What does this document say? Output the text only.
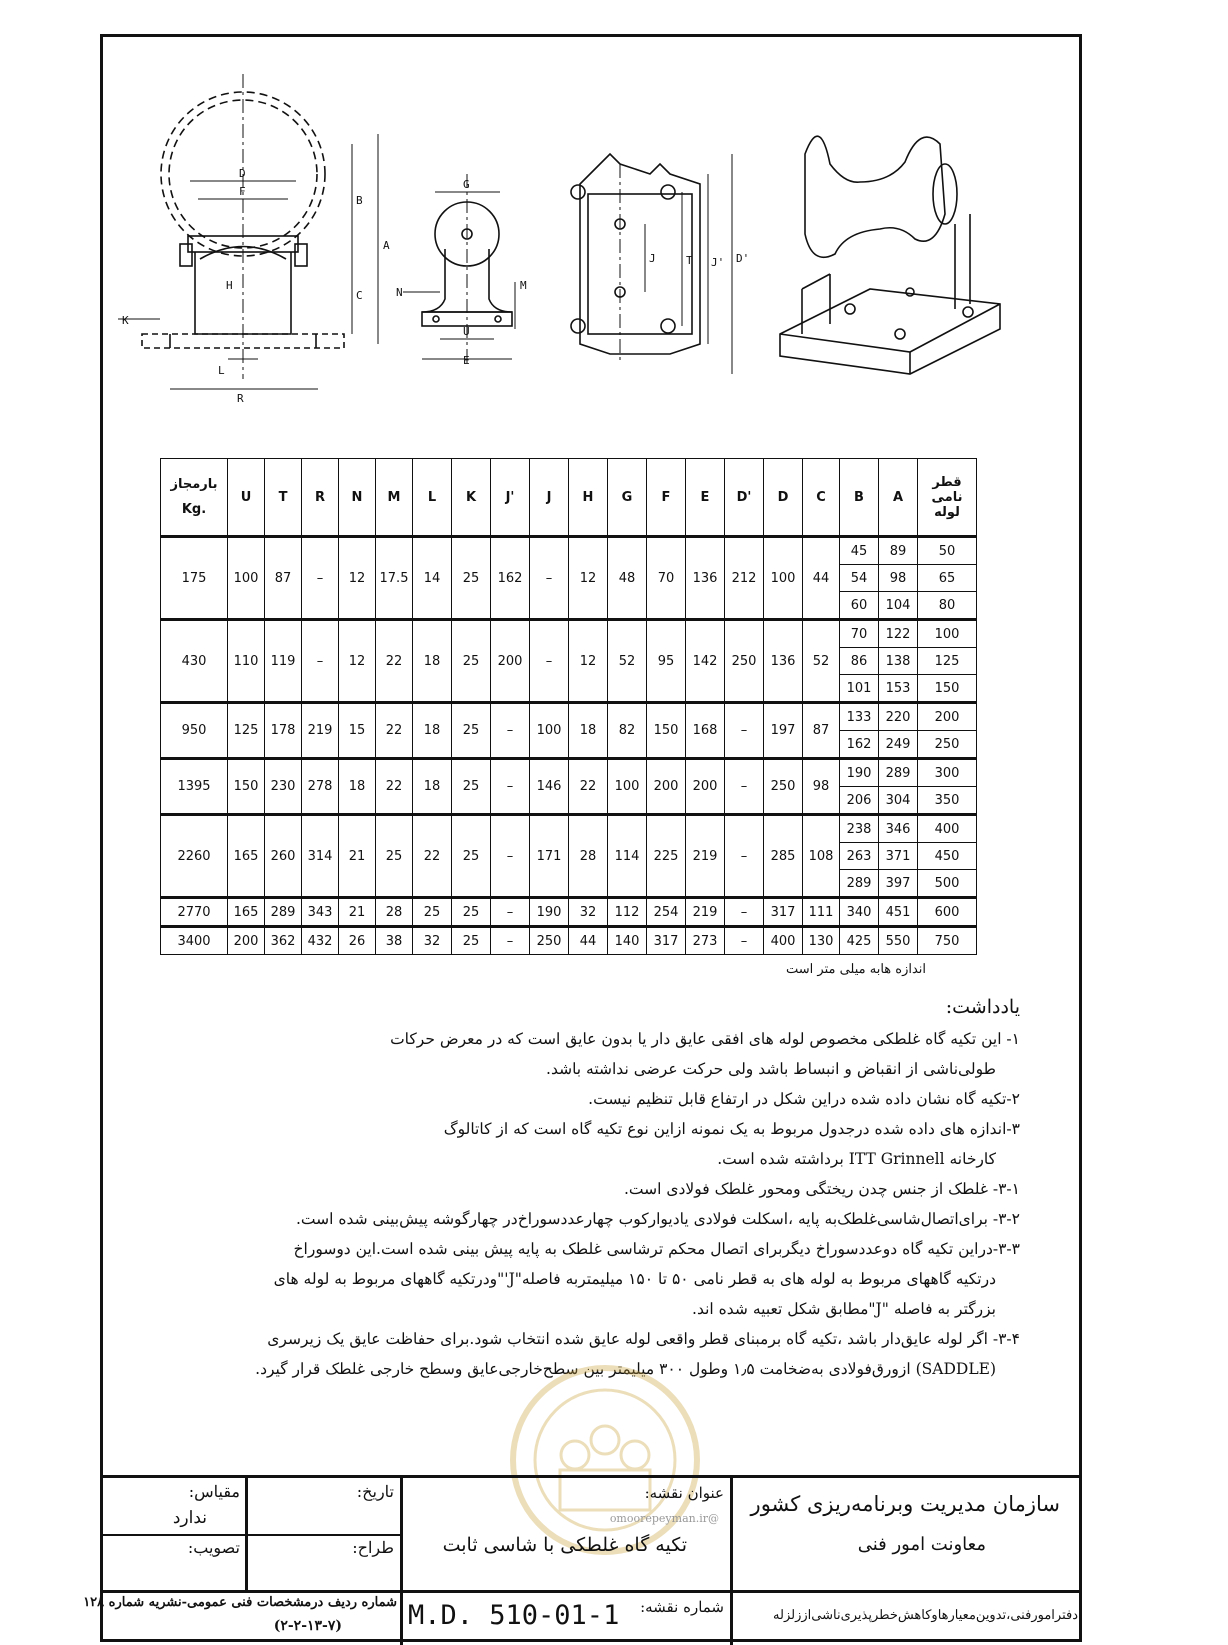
D
F
H
B
A
C
K
L
R
G
N
M
U
E
T
J	J' D'
بارمجاز
Kg.	U	T	R	N	M	L	K	J'	J	H	G	F	E	D'	D	C	B	A	قطر نامی لوله
175	100	87	–	12	17.5	14	25	162	–	12	48	70	136	212	100	44	45	89	50
																	54	98	65
																	60	104	80
430	110	119	–	12	22	18	25	200	–	12	52	95	142	250	136	52	70	122	100
																	86	138	125
																	101	153	150
950	125	178	219	15	22	18	25	–	100	18	82	150	168	–	197	87	133	220	200
																	162	249	250
1395	150	230	278	18	22	18	25	–	146	22	100	200	200	–	250	98	190	289	300
																	206	304	350
2260	165	260	314	21	25	22	25	–	171	28	114	225	219	–	285	108	238	346	400
																	263	371	450
																	289	397	500
2770	165	289	343	21	28	25	25	–	190	32	112	254	219	–	317	111	340	451	600
3400	200	362	432	26	38	32	25	–	250	44	140	317	273	–	400	130	425	550	750
اندازه هابه میلی متر است
یادداشت:
۱- این تکیه گاه غلطکی مخصوص لوله های افقی عایق دار یا بدون عایق است که در معرض حرکات
طولی‌ناشی از انقباض و انبساط باشد ولی حرکت عرضی نداشته باشد.
۲-تکیه گاه نشان داده شده دراین شکل در ارتفاع قابل تنظیم نیست.
۳-اندازه های داده شده درجدول مربوط به یک نمونه ازاین نوع تکیه گاه است که از کاتالوگ
کارخانه ITT Grinnell برداشته شده است.
۳-۱- غلطک از جنس چدن ریختگی ومحور غلطک فولادی است.
۳-۲- برای‌اتصال‌شاسی‌غلطک‌به پایه ،اسکلت فولادی یادیوارکوب چهارعددسوراخ‌در چهارگوشه پیش‌بینی شده است.
۳-۳-دراین تکیه گاه دوعددسوراخ دیگربرای اتصال محکم ترشاسی غلطک به پایه پیش بینی شده است.این دوسوراخ
درتکیه گاههای مربوط به لوله های به قطر نامی ۵۰ تا ۱۵۰ میلیمتربه فاصله"J'"ودرتکیه گاههای مربوط به لوله های
بزرگتر به فاصله "J"مطابق شکل تعبیه شده اند.
۳-۴- اگر لوله عایق‌دار باشد ،تکیه گاه برمبنای قطر واقعی لوله عایق شده انتخاب شود.برای حفاظت عایق یک زیرسری
(SADDLE) ازورق‌فولادی به‌ضخامت ۱٫۵ وطول ۳۰۰ میلیمتر بین سطح‌خارجی‌عایق وسطح خارجی غلطک قرار گیرد.
سازمان مدیریت وبرنامه‌ریزی کشور
معاونت امور فنی
دفترامورفنی،تدوین‌معیارهاوکاهش‌خطرپذیری‌ناشی‌اززلزله
عنوان نقشه:
تکیه گاه غلطکی با شاسی ثابت
@omoorepeyman.ir
تاریخ:
طراح:
مقیاس:
ندارد
تصویب:
شماره نقشه:
M.D. 510-01-1
شماره ردیف درمشخصات فنی عمومی-نشریه شماره ۱۲۸
(۲-۲-۱۳-۷)
